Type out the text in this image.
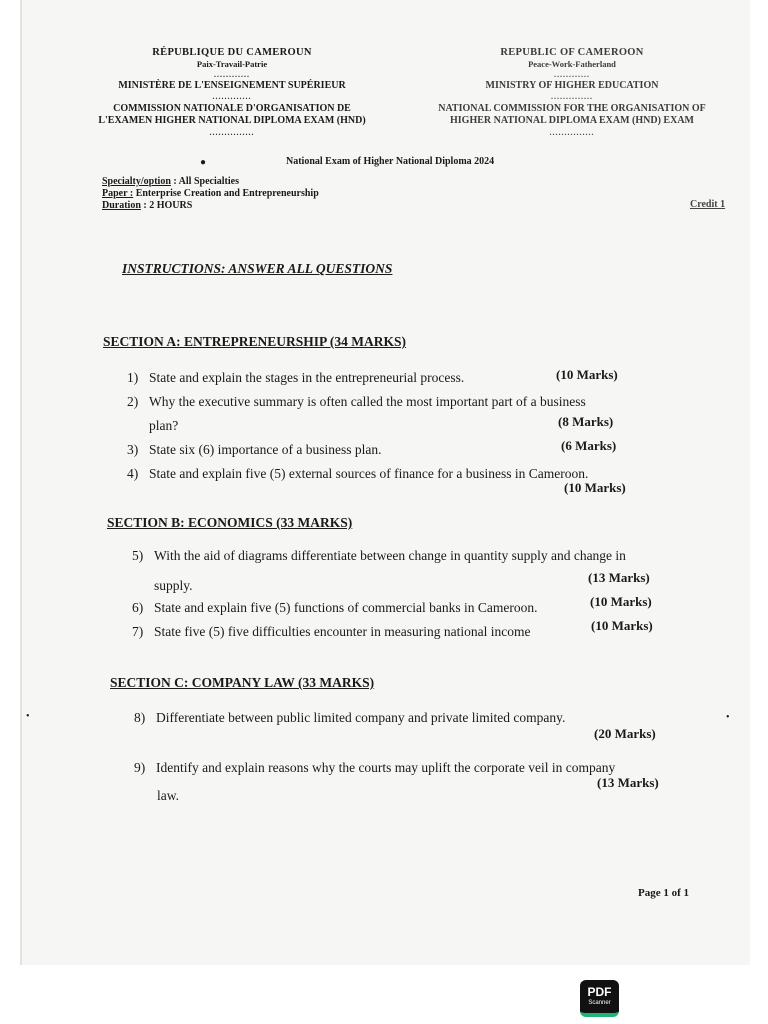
RÉPUBLIQUE DU CAMEROUN
Paix-Travail-Patrie
............
MINISTÈRE DE L'ENSEIGNEMENT SUPÉRIEUR
.............
COMMISSION NATIONALE D'ORGANISATION DE
L'EXAMEN HIGHER NATIONAL DIPLOMA EXAM (HND)
...............
REPUBLIC OF CAMEROON
Peace-Work-Fatherland
............
MINISTRY OF HIGHER EDUCATION
..............
NATIONAL COMMISSION FOR THE ORGANISATION OF
HIGHER NATIONAL DIPLOMA EXAM (HND) EXAM
...............
National Exam of Higher National Diploma 2024
Specialty/option : All Specialties
Paper : Enterprise Creation and Entrepreneurship
Duration : 2 HOURS	Credit 1
INSTRUCTIONS: ANSWER ALL QUESTIONS
SECTION A: ENTREPRENEURSHIP (34 MARKS)
1) State and explain the stages in the entrepreneurial process.	(10 Marks)
2) Why the executive summary is often called the most important part of a business
plan?	(8 Marks)
3) State six (6) importance of a business plan.	(6 Marks)
4) State and explain five (5) external sources of finance for a business in Cameroon.
(10 Marks)
SECTION B: ECONOMICS (33 MARKS)
5) With the aid of diagrams differentiate between change in quantity supply and change in
supply.
(13 Marks)
6) State and explain five (5) functions of commercial banks in Cameroon.	(10 Marks)
7) State five (5) five difficulties encounter in measuring national income	(10 Marks)
SECTION C: COMPANY LAW (33 MARKS)
8) Differentiate between public limited company and private limited company.
(20 Marks)
9) Identify and explain reasons why the courts may uplift the corporate veil in company
law.
(13 Marks)
Page 1 of 1
●
•	•
PDF
Scanner
